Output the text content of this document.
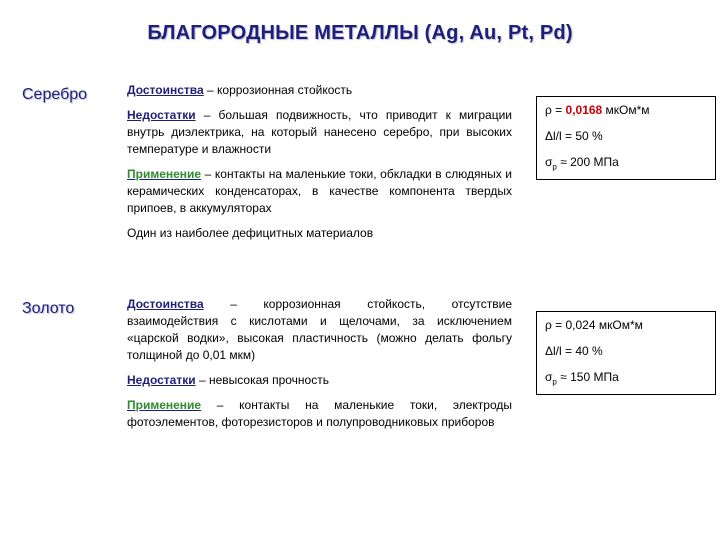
БЛАГОРОДНЫЕ МЕТАЛЛЫ (Ag, Au, Pt, Pd)
Серебро	Достоинства – коррозионная стойкость
Недостатки – большая подвижность, что приводит к миграции внутрь диэлектрика, на который нанесено серебро, при высоких температуре и влажности
Применение – контакты на маленькие токи, обкладки в слюдяных и керамических конденсаторах, в качестве компонента твердых припоев, в аккумуляторах
Один из наиболее дефицитных материалов
ρ = 0,0168 мкОм*м
Δl/l = 50 %
$\sigma_р \approx 200$ МПа
Золото	Достоинства – коррозионная стойкость, отсутствие взаимодействия с кислотами и щелочами, за исключением «царской водки», высокая пластичность (можно делать фольгу толщиной до 0,01 мкм)
Недостатки – невысокая прочность
Применение – контакты на маленькие токи, электроды фотоэлементов, фоторезисторов и полупроводниковых приборов
ρ = 0,024 мкОм*м
Δl/l = 40 %
$\sigma_р \approx 150$ МПа
